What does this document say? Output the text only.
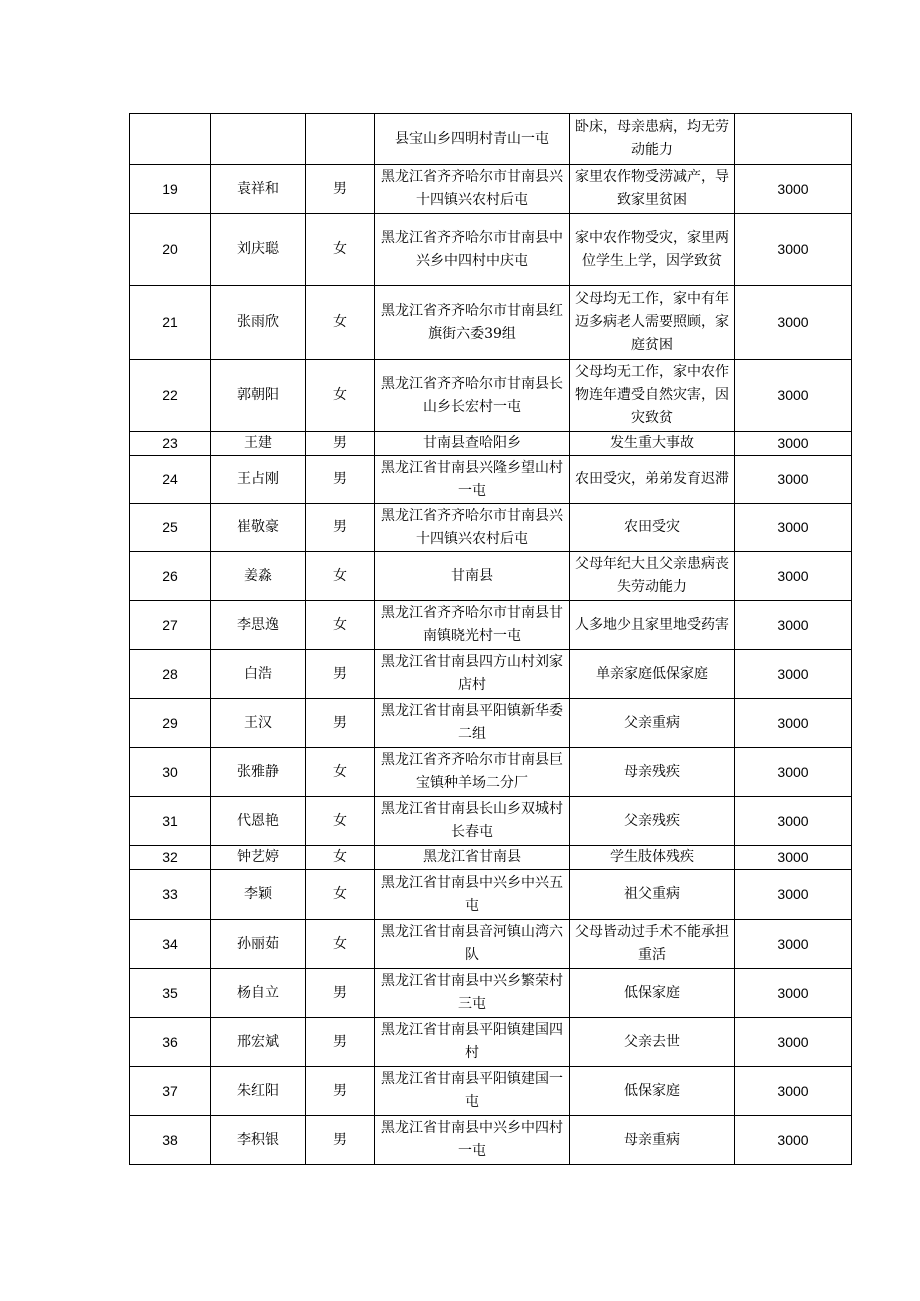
			县宝山乡四明村青山一屯	卧床，母亲患病，均无劳动能力	
19	袁祥和	男	黑龙江省齐齐哈尔市甘南县兴十四镇兴农村后屯	家里农作物受涝减产，导致家里贫困	3000
20	刘庆聪	女	黑龙江省齐齐哈尔市甘南县中兴乡中四村中庆屯	家中农作物受灾，家里两位学生上学，因学致贫	3000
21	张雨欣	女	黑龙江省齐齐哈尔市甘南县红旗街六委39组	父母均无工作，家中有年迈多病老人需要照顾，家庭贫困	3000
22	郭朝阳	女	黑龙江省齐齐哈尔市甘南县长山乡长宏村一屯	父母均无工作，家中农作物连年遭受自然灾害，因灾致贫	3000
23	王建	男	甘南县查哈阳乡	发生重大事故	3000
24	王占刚	男	黑龙江省甘南县兴隆乡望山村一屯	农田受灾，弟弟发育迟滞	3000
25	崔敬豪	男	黑龙江省齐齐哈尔市甘南县兴十四镇兴农村后屯	农田受灾	3000
26	姜淼	女	甘南县	父母年纪大且父亲患病丧失劳动能力	3000
27	李思逸	女	黑龙江省齐齐哈尔市甘南县甘南镇晓光村一屯	人多地少且家里地受药害	3000
28	白浩	男	黑龙江省甘南县四方山村刘家店村	单亲家庭低保家庭	3000
29	王汉	男	黑龙江省甘南县平阳镇新华委二组	父亲重病	3000
30	张雅静	女	黑龙江省齐齐哈尔市甘南县巨宝镇种羊场二分厂	母亲残疾	3000
31	代恩艳	女	黑龙江省甘南县长山乡双城村长春屯	父亲残疾	3000
32	钟艺婷	女	黑龙江省甘南县	学生肢体残疾	3000
33	李颖	女	黑龙江省甘南县中兴乡中兴五屯	祖父重病	3000
34	孙丽茹	女	黑龙江省甘南县音河镇山湾六队	父母皆动过手术不能承担重活	3000
35	杨自立	男	黑龙江省甘南县中兴乡繁荣村三屯	低保家庭	3000
36	邢宏斌	男	黑龙江省甘南县平阳镇建国四村	父亲去世	3000
37	朱红阳	男	黑龙江省甘南县平阳镇建国一屯	低保家庭	3000
38	李积银	男	黑龙江省甘南县中兴乡中四村一屯	母亲重病	3000
